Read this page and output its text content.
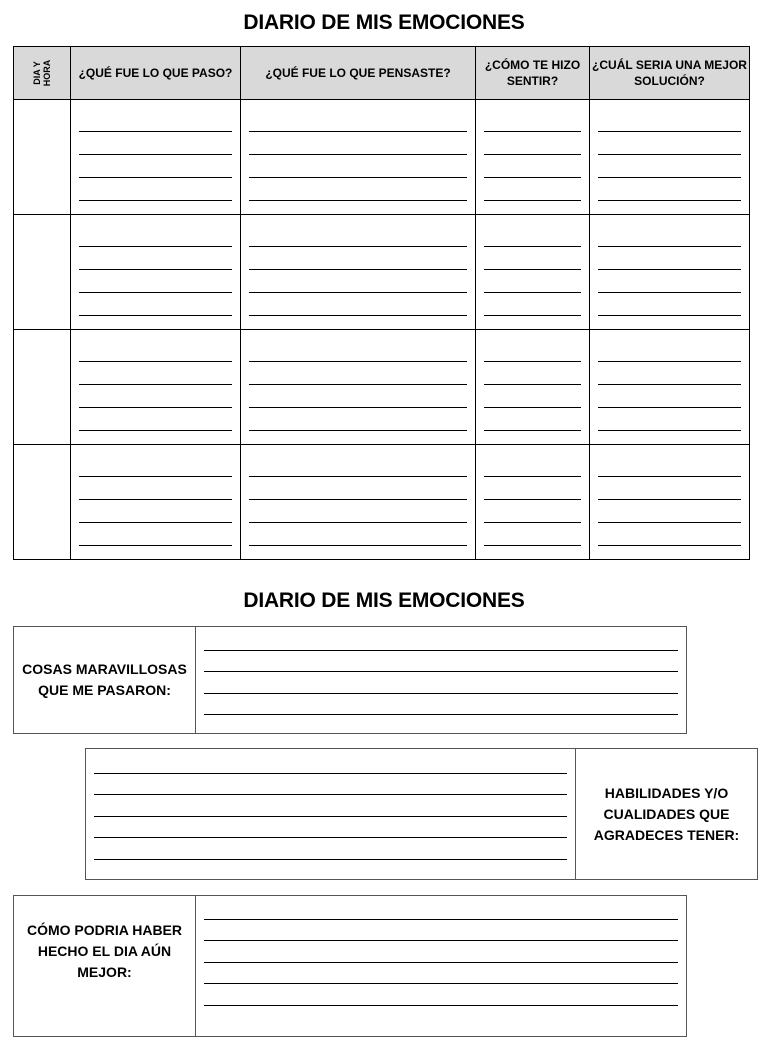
DIARIO DE MIS EMOCIONES
DIA Y
HORA	¿QUÉ FUE LO QUE PASO?	¿QUÉ FUE LO QUE PENSASTE?	¿CÓMO TE HIZO SENTIR?	¿CUÁL SERIA UNA MEJOR SOLUCIÓN?

DIARIO DE MIS EMOCIONES
COSAS MARAVILLOSAS QUE ME PASARON:
HABILIDADES Y/O CUALIDADES QUE AGRADECES TENER:
CÓMO PODRIA HABER HECHO EL DIA AÚN MEJOR:
